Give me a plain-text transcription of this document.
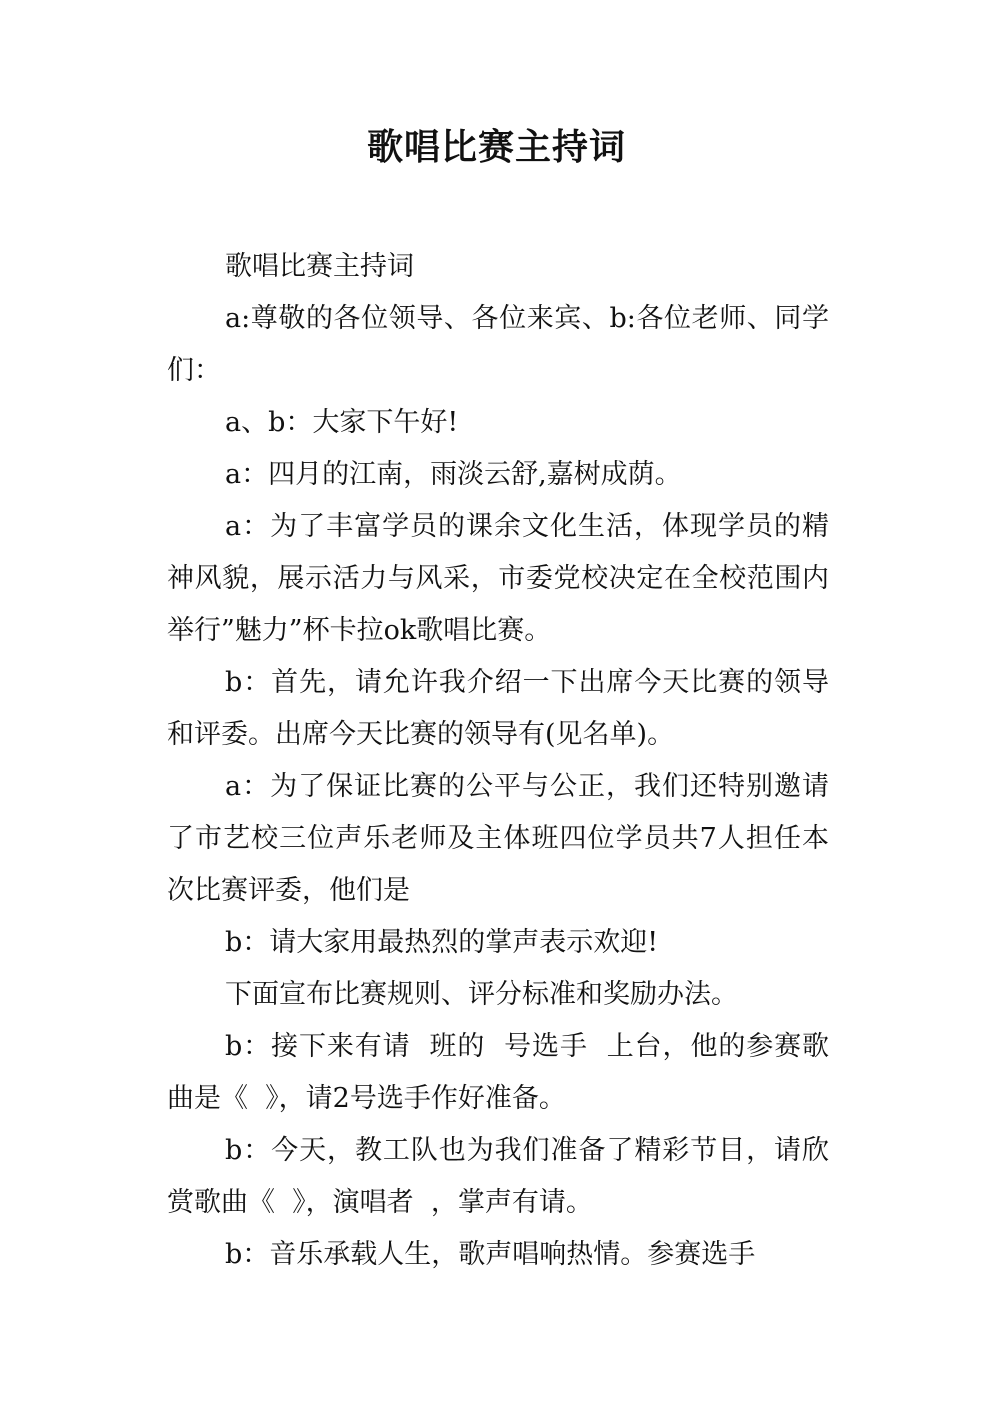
歌唱比赛主持词

歌唱比赛主持词

a:尊敬的各位领导、各位来宾、b:各位老师、同学们：

a、b：大家下午好!

a：四月的江南，雨淡云舒,嘉树成荫。

a：为了丰富学员的课余文化生活，体现学员的精神风貌，展示活力与风采，市委党校决定在全校范围内举行”魅力”杯卡拉ok歌唱比赛。

b：首先，请允许我介绍一下出席今天比赛的领导和评委。出席今天比赛的领导有(见名单)。

a：为了保证比赛的公平与公正，我们还特别邀请了市艺校三位声乐老师及主体班四位学员共7人担任本次比赛评委，他们是

b：请大家用最热烈的掌声表示欢迎!

下面宣布比赛规则、评分标准和奖励办法。

b：接下来有请  班的  号选手  上台，他的参赛歌曲是《  》，请2号选手作好准备。

b：今天，教工队也为我们准备了精彩节目，请欣赏歌曲《  》，演唱者  ，掌声有请。

b：音乐承载人生，歌声唱响热情。参赛选手
